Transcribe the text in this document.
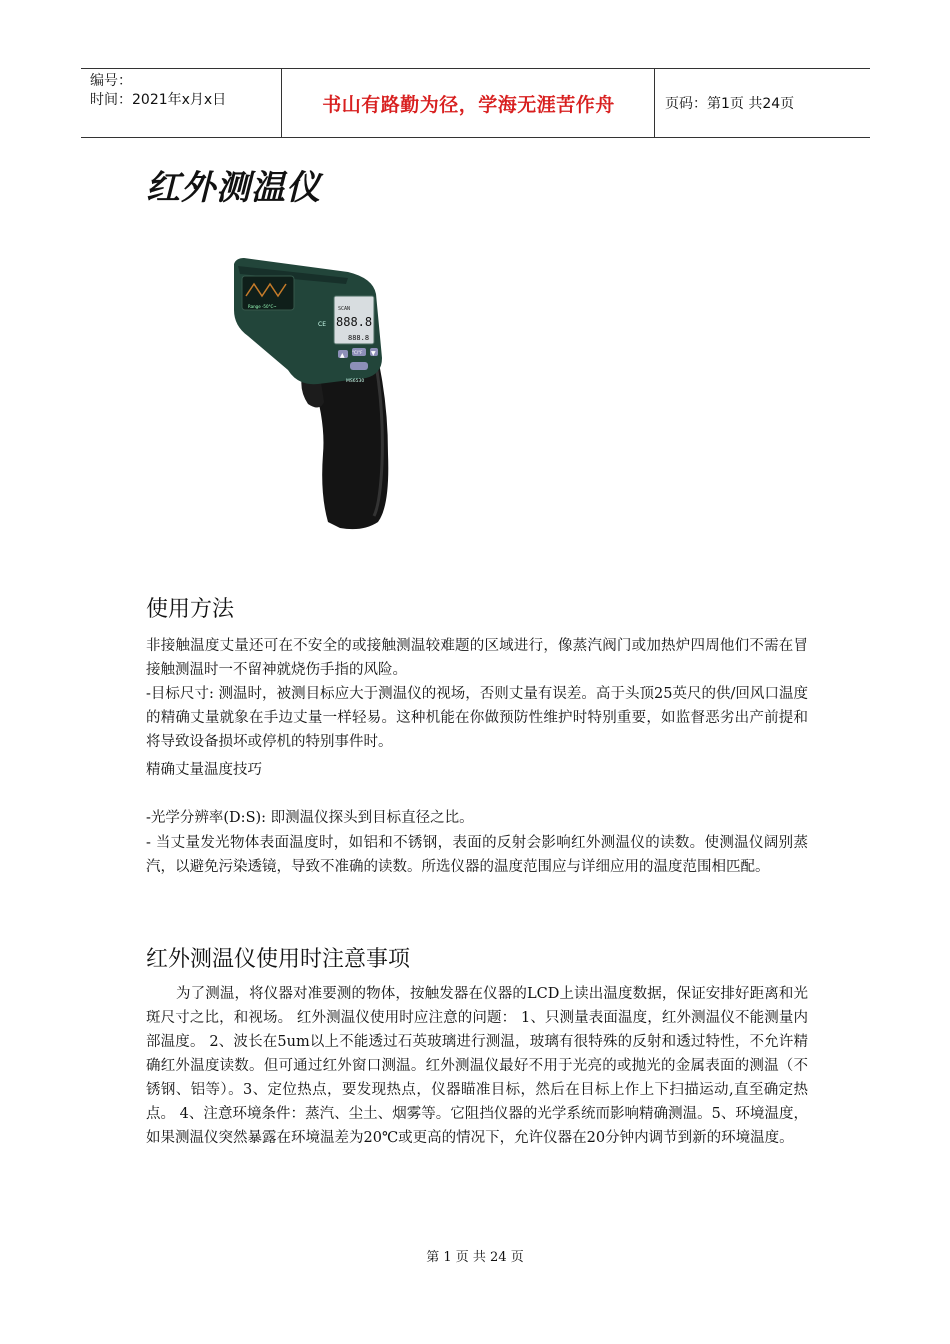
编号：
时间：2021年x月x日	书山有路勤为径，学海无涯苦作舟	页码：第1页 共24页
红外测温仪
Range -50°C~
CE
SCAN
888.8
888.8
▲ °C/°F ▼
MS6530
使用方法

非接触温度丈量还可在不安全的或接触测温较难题的区域进行，像蒸汽阀门或加热炉四周他们不需在冒接触测温时一不留神就烧伤手指的风险。

-目标尺寸: 测温时，被测目标应大于测温仪的视场，否则丈量有误差。高于头顶25英尺的供/回风口温度的精确丈量就象在手边丈量一样轻易。这种机能在你做预防性维护时特别重要，如监督恶劣出产前提和将导致设备损坏或停机的特别事件时。

精确丈量温度技巧

-光学分辨率(D:S): 即测温仪探头到目标直径之比。

- 当丈量发光物体表面温度时，如铝和不锈钢，表面的反射会影响红外测温仪的读数。使测温仪阔别蒸汽，以避免污染透镜，导致不准确的读数。所选仪器的温度范围应与详细应用的温度范围相匹配。

红外测温仪使用时注意事项

为了测温，将仪器对准要测的物体，按触发器在仪器的LCD上读出温度数据，保证安排好距离和光斑尺寸之比，和视场。 红外测温仪使用时应注意的问题： 1、只测量表面温度，红外测温仪不能测量内部温度。 2、波长在5um以上不能透过石英玻璃进行测温，玻璃有很特殊的反射和透过特性，不允许精确红外温度读数。但可通过红外窗口测温。红外测温仪最好不用于光亮的或抛光的金属表面的测温（不锈钢、铝等）。3、定位热点，要发现热点，仪器瞄准目标，然后在目标上作上下扫描运动,直至确定热点。 4、注意环境条件：蒸汽、尘土、烟雾等。它阻挡仪器的光学系统而影响精确测温。5、环境温度，如果测温仪突然暴露在环境温差为20℃或更高的情况下，允许仪器在20分钟内调节到新的环境温度。

第 1 页 共 24 页
